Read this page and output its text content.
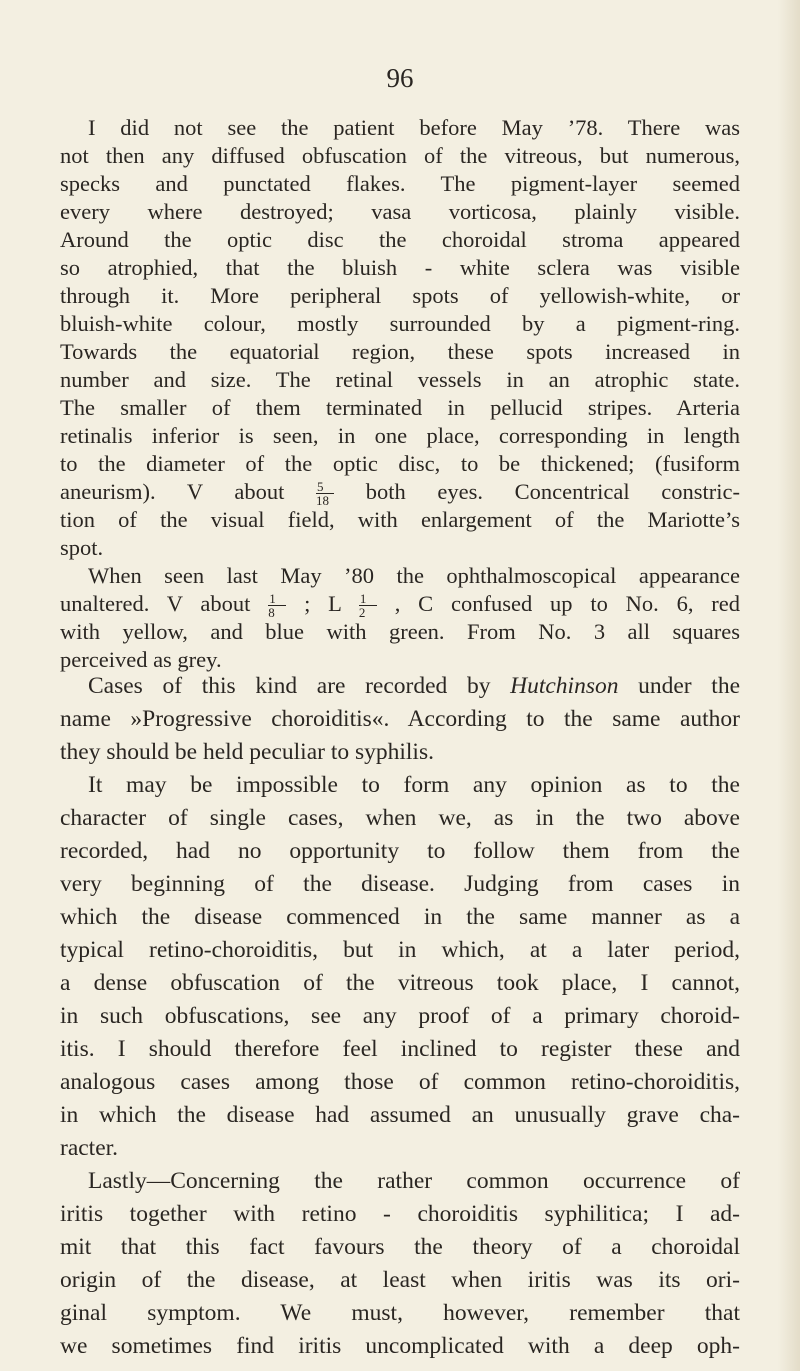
96
I did not see the patient before May ’78. There was
not then any diffused obfuscation of the vitreous, but numerous,
specks and punctated flakes. The pigment-layer seemed
every where destroyed; vasa vorticosa, plainly visible.
Around the optic disc the choroidal stroma appeared
so atrophied, that the bluish - white sclera was visible
through it. More peripheral spots of yellowish-white, or
bluish-white colour, mostly surrounded by a pigment-ring.
Towards the equatorial region, these spots increased in
number and size. The retinal vessels in an atrophic state.
The smaller of them terminated in pellucid stripes. Arteria
retinalis inferior is seen, in one place, corresponding in length
to the diameter of the optic disc, to be thickened; (fusiform
aneurism). V about $\frac{5}{18}$ both eyes. Concentrical constric-
tion of the visual field, with enlargement of the Mariotte’s
spot.
When seen last May ’80 the ophthalmoscopical appearance
unaltered. V about $\frac{1}{8}$ ; L $\frac{1}{2}$ , C confused up to No. 6, red
with yellow, and blue with green. From No. 3 all squares
perceived as grey.
Cases of this kind are recorded by Hutchinson under the
name »Progressive choroiditis«. According to the same author
they should be held peculiar to syphilis.
It may be impossible to form any opinion as to the
character of single cases, when we, as in the two above
recorded, had no opportunity to follow them from the
very beginning of the disease. Judging from cases in
which the disease commenced in the same manner as a
typical retino-choroiditis, but in which, at a later period,
a dense obfuscation of the vitreous took place, I cannot,
in such obfuscations, see any proof of a primary choroid-
itis. I should therefore feel inclined to register these and
analogous cases among those of common retino-choroiditis,
in which the disease had assumed an unusually grave cha-
racter.
Lastly—Concerning the rather common occurrence of
iritis together with retino - choroiditis syphilitica; I ad-
mit that this fact favours the theory of a choroidal
origin of the disease, at least when iritis was its ori-
ginal symptom. We must, however, remember that
we sometimes find iritis uncomplicated with a deep oph-
